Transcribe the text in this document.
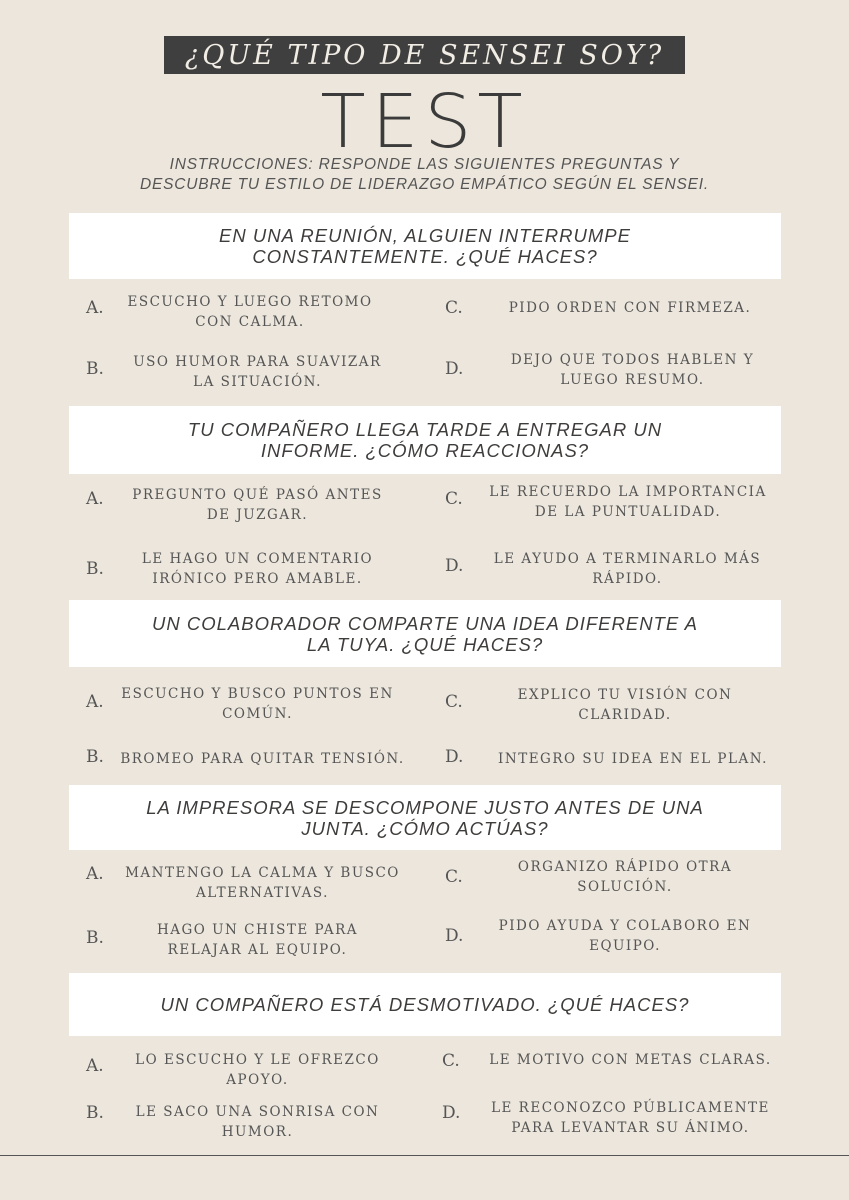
¿QUÉ TIPO DE SENSEI SOY?
TEST
INSTRUCCIONES: RESPONDE LAS SIGUIENTES PREGUNTAS Y
DESCUBRE TU ESTILO DE LIDERAZGO EMPÁTICO SEGÚN EL SENSEI.
EN UNA REUNIÓN, ALGUIEN INTERRUMPE
CONSTANTEMENTE. ¿QUÉ HACES?
A.	ESCUCHO Y LUEGO RETOMO
CON CALMA.
C.	PIDO ORDEN CON FIRMEZA.
B.	USO HUMOR PARA SUAVIZAR
LA SITUACIÓN.
D.	DEJO QUE TODOS HABLEN Y
LUEGO RESUMO.
TU COMPAÑERO LLEGA TARDE A ENTREGAR UN
INFORME. ¿CÓMO REACCIONAS?
A.	PREGUNTO QUÉ PASÓ ANTES
DE JUZGAR.
C.	LE RECUERDO LA IMPORTANCIA
DE LA PUNTUALIDAD.
B.	LE HAGO UN COMENTARIO
IRÓNICO PERO AMABLE.
D.	LE AYUDO A TERMINARLO MÁS
RÁPIDO.
UN COLABORADOR COMPARTE UNA IDEA DIFERENTE A
LA TUYA. ¿QUÉ HACES?
A.	ESCUCHO Y BUSCO PUNTOS EN
COMÚN.
C.	EXPLICO TU VISIÓN CON
CLARIDAD.
B.	BROMEO PARA QUITAR TENSIÓN.	D.	INTEGRO SU IDEA EN EL PLAN.
LA IMPRESORA SE DESCOMPONE JUSTO ANTES DE UNA
JUNTA. ¿CÓMO ACTÚAS?
A.	MANTENGO LA CALMA Y BUSCO
ALTERNATIVAS.
C.	ORGANIZO RÁPIDO OTRA
SOLUCIÓN.
B.	HAGO UN CHISTE PARA
RELAJAR AL EQUIPO.
D.	PIDO AYUDA Y COLABORO EN
EQUIPO.
UN COMPAÑERO ESTÁ DESMOTIVADO. ¿QUÉ HACES?
A.	LO ESCUCHO Y LE OFREZCO
APOYO.
C.	LE MOTIVO CON METAS CLARAS.
B.	LE SACO UNA SONRISA CON
HUMOR.
D.	LE RECONOZCO PÚBLICAMENTE
PARA LEVANTAR SU ÁNIMO.
